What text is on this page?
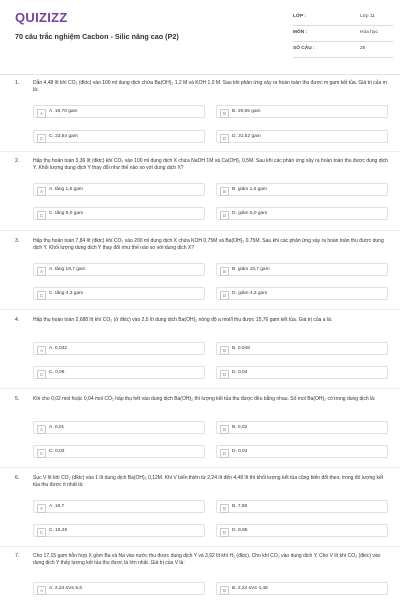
QUIZIZZ
70 câu trắc nghiệm Cacbon - Silic nâng cao (P2)
LỚP :	Lớp 11
MÔN :	Hóa học
SỐ CÂU :	25
1.	Dẫn 4,48 lít khí CO₂ (đktc) vào 100 ml dung dịch chứa Ba(OH)₂ 1,2 M và KOH 1,0 M. Sau khi phản ứng xảy ra hoàn toàn thu được m gam kết tủa. Giá trị của m là:
A	A. 19,70 gam	B	B. 29,55 gam
C	C. 23,64 gam	D	D. 31,52 gam
2.	Hấp thụ hoàn toàn 3,36 lít (đktc) khí CO₂ vào 100 ml dung dịch X chứa NaOH 1M và Ca(OH)₂ 0,5M. Sau khi các phản ứng xảy ra hoàn toàn thu được dung dịch Y. Khối lượng dung dịch Y thay đổi như thế nào so với dung dịch X?
A	A. tăng 1,6 gam	B	B. giảm 1,6 gam
C	C. tăng 5,0 gam	D	D. giảm 5,0 gam
3.	Hấp thụ hoàn toàn 7,84 lít (đktc) khí CO₂ vào 200 ml dung dịch X chứa KOH 0,75M và Ba(OH)₂ 0,75M. Sau khi các phản ứng xảy ra hoàn toàn thu được dung dịch Y. Khối lượng dung dịch Y thay đổi như thế nào so với dung dịch X?
A	A. tăng 19,7 gam	B	B. giảm 19,7 gam
C	C. tăng 4,3 gam	D	D. giảm 4,3 gam
4.	Hấp thụ hoàn toàn 2,688 lít khí CO₂ (ở đktc) vào 2,5 lít dung dịch Ba(OH)₂ nồng độ a mol/l thu được 15,76 gam kết tủa. Giá trị của a là:
A	A. 0,032	B	B. 0,048
C	C. 0,06	D	D. 0,04
5.	Khi cho 0,02 mol hoặc 0,04 mol CO₂ hấp thụ hết vào dung dịch Ba(OH)₂ thì lượng kết tủa thu được đều bằng nhau. Số mol Ba(OH)₂ có trong dung dịch là:
A	A. 0,01	B	B. 0,02
C	C. 0,03	D	D. 0,04
6.	Sục V lít khí CO₂ (đktc) vào 1 lít dung dịch Ba(OH)₂ 0,12M. Khi V biến thiên từ 2,24 lít đến 4,48 lít thì khối lượng kết tủa cũng biến đổi theo, trong đó lượng kết tủa thu được ít nhất là:
A	A. 19,7	B	B. 7,88
C	C. 15,26	D	D. 9,85
7.	Cho 17,15 gam hỗn hợp X gồm Ba và Na vào nước thu được dung dịch Y và 3,92 lít khí H₂ (đktc). Cho khí CO₂ vào dung dịch Y. Cho V lít khí CO₂ (đktc) vào dung dịch Y thấy lượng kết tủa thu được là lớn nhất. Giá trị của V là:
A	A. 2,24 ≤V≤ 5,6	B	B. 2,24 ≤V≤ 4,48
